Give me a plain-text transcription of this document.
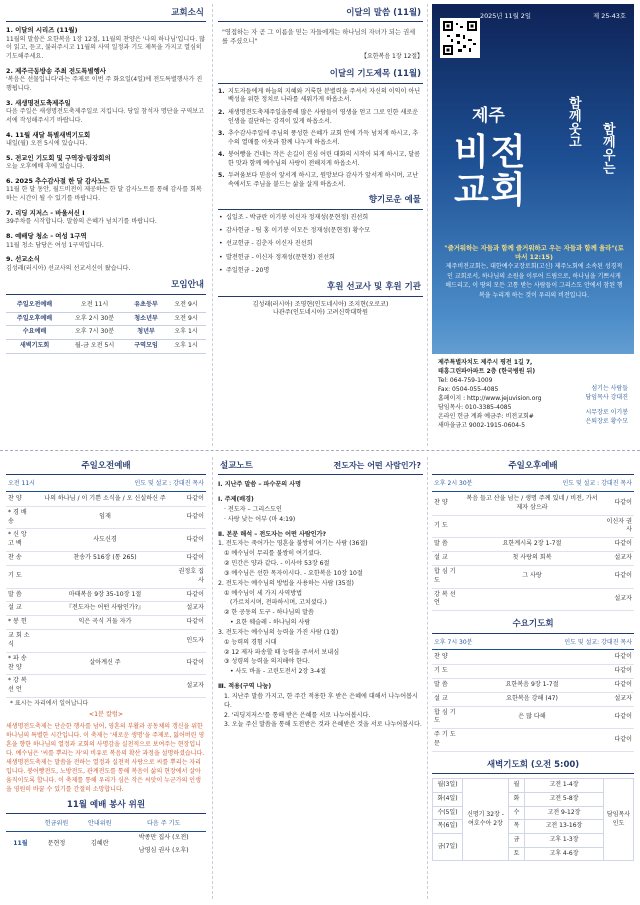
교회소식
1. 이달의 시리즈 (11월)
11월의 말씀은 요한복음 1장 12절, 11월의 찬양은 '나의 하나님'입니다. 많이 읽고, 듣고, 불러주시고 11월의 사역 일정과 기도 제목을 가지고 열심히 기도해주세요.
2. 제주극동방송 주최 전도특별행사
'복음은 선물입니다'라는 주제로 이번 주 화요일(4일)에 전도특별행사가 진행됩니다.
3. 새생명전도축제주일
다음 주일은 새생명전도축제주일로 지킵니다. 당일 참석자 명단을 구역보고서에 작성해주시기 바랍니다.
4. 11월 새달 특별새벽기도회
내일(월) 오전 5시에 있습니다.
5. 전교인 기도회 및 구역장·팀장회의
오늘 오후예배 후에 있습니다.
6. 2025 추수감사절 한 달 감사노트
11월 한 달 동안, 월드비전이 제공하는 한 달 감사노트를 통해 감사를 회복하는 시간이 될 수 있기를 바랍니다.
7. 리딩 지저스 - 바울서신 I
39주차를 시작합니다. 말씀의 은혜가 넘치기를 바랍니다.
8. 예배당 청소 - 여성 1구역
11월 청소 담당은 여성 1구역입니다.
9. 선교소식
김성래(러시아) 선교사의 선교서신이 왔습니다.
모임안내
주일오전예배	오전 11시	유초등부	오전 9시
주일오후예배	오후 2시 30분	청소년부	오전 9시
수요예배	오후 7시 30분	청년부	오후 1시
새벽기도회	월-금 오전 5시	구역모임	오후 1시
이달의 말씀 (11월)
"영접하는 자 곧 그 이름을 믿는 자들에게는 하나님의 자녀가 되는 권세를 주셨으니"
【요한복음 1장 12절】
이달의 기도제목 (11월)
1. 지도자들에게 하늘의 지혜와 거룩한 분별력을 주셔서 자신의 이익이 아닌 백성을 위한 정치로 나라를 세워가게 하옵소서.
2. 새생명전도축제주일을통해 많은 사람들이 영생을 얻고 그로 인한 새로운 인생을 결단하는 감격이 있게 하옵소서.
3. 추수감사주일에 주님의 풍성한 은혜가 교회 안에 가득 넘치게 하시고, 추수의 열매를 이웃과 함께 나누게 하옵소서.
4. 붕어빵을 건네는 작은 손길이 진심 어린 대화의 시작이 되게 하시고, 달콤한 맛과 함께 예수님의 사랑이 전해지게 하옵소서.
5. 두려움보다 믿음이 앞서게 하시고, 원망보다 감사가 앞서게 하시며, 고난속에서도 주님을 붙드는 삶을 살게 하옵소서.
향기로운 예물
• 십일조 - 박금란 이기봉 이신자 정재성(문현정) 진선희
• 감사헌금 - 팀 홍 이기봉 이모든 정재성(문현정) 황수모
• 선교헌금 - 김춘자 이신자 진선희
• 발전헌금 - 이신자 정재성(문현정) 진선희
• 주일헌금 - 20명
후원 선교사 및 후원 기관
김성래(러시아) 조영현(인도네시아) 조지현(오로코)
나관주(인도네시아) 고려신학대학원
2025년 11월 2일	제 25-43호
제주
비전교회
함께웃고 함께우는
"즐거워하는 자들과 함께 즐거워하고 우는 자들과 함께 울라"(로마서 12:15)
제주비전교회는, 대한예수교장로회(고신) 제주노회에 소속된 성경적인 교회로서, 하나님의 소원을 이루어 드림으로, 하나님을 기쁘시게 해드리고, 이 땅의 모든 고통 받는 사람들이 그리스도 안에서 참된 행복을 누리게 하는 것이 우리의 비전입니다.
제주특별자치도 제주시 평전 1길 7,
태흥그린파아파트 2층 (한국병원 뒤)
Tel: 064-759-1009
Fax: 0504-055-4085
홈페이지 : http://www.jejuvision.org
담임목사: 010-3385-4085
온라인 헌금 계좌 예금주: 비전교회#
새마을금고 9002-1915-0604-5
섬기는 사람들
담임목사 강대진
시무장로 이기봉
은퇴장로 황수모
주일오전예배
오전 11시	인도 및 설교 : 강대진 목사
찬양	나의 하나님 / 이 기쁜 소식을 / 오 신실하신 주	다같이
*경배송	임재	다같이
*신앙고백	사도신경	다같이
찬송	찬송가 516장 (통 265)	다같이
기도		권정호 집사
말씀	마태복음 9장 35-10장 1절	다같이
설교	『전도자는 어떤 사람인가?』	설교자
*봉헌	익은 곡식 거둘 자가	다같이
교회소식		인도자
*파송찬양	살아계신 주	다같이
*강복선언		설교자
* 표시는 자리에서 일어납니다
<1분 칼럼>
새생명전도축제는 단순한 행사를 넘어, 영혼의 부활과 공동체의 갱신을 위한 하나님의 특별한 시간입니다. 이 축제는 '새로운 생명'을 주제로, 잃어버린 영혼을 향한 하나님의 열정과 교회의 사명감을 실천적으로 보여주는 현장입니다. 예수님은 '씨를 뿌리는 자'의 비유로 복음의 확산 과정을 설명하셨습니다. 새생명전도축제는 말씀을 전하는 열정과 실천적 사랑으로 씨를 뿌리는 자리입니다. 붕어빵전도, 노방전도, 관계전도를 통해 복음이 삶의 현장에서 살아 움직이도록 합니다. 이 축제를 통해 우리가 심은 작은 씨앗이 누군가의 인생을 영원히 바꿀 수 있기를 간절히 소망합니다.
11월 예배 봉사 위원
	헌금위원	안내위원	다음 주 기도
11월	문현정	김혜란	박종만 집사 (오전)
			남영심 권사 (오후)
설교노트	전도자는 어떤 사람인가?
Ⅰ. 지난주 말씀 – 파수꾼의 사명
Ⅰ. 주제(배경)
· 전도자 – 그리스도인
· 사랑 낮는 어부 (마 4:19)
Ⅱ. 본문 해석 – 전도자는 어떤 사람인가?
1. 전도자는 죽어가는 영혼을 불쌍히 여기는 사람 (36절)
① 예수님이 무리를 불쌍히 여기셨다.
② 민간은 양과 같다. - 이사야 53장 6절
③ 예수님은 선한 목자이시다. - 요한복음 10장 10절
2. 전도자는 예수님의 방법을 사용하는 사람 (35절)
① 예수님이 세 가지 사역방법
(가르치시며, 전파하시며, 고치셨다.)
② 한 공동의 도구 - 하나님의 말씀
• 요한 웨슬레 - 하나님의 사람
3. 전도자는 예수님의 능력을 가진 사람 (1절)
① 능력의 경험 시대
② 12 제자 파송할 때 능력을 주셔서 보내심
③ 성령의 능력을 의지해야 한다.
• 사도 바울 - 고린도전서 2장 3-4절
Ⅲ. 적용(구역 나눔)
1. 지난주 말씀 가지고, 한 주간 적용한 후 받은 은혜에 대해서 나누어봅시다.
2. '리딩지저스'를 통해 받은 은혜를 서로 나누어봅시다.
3. 오늘 주신 말씀을 통해 도전받은 것과 은혜받은 것을 서로 나누어봅시다.
주일오후예배
오후 2시 30분	인도 및 설교 : 강대진 목사
찬양	복음 들고 산을 넘는 / 생명 주께 있네 / 비전, 가서 제자 삼으라	다같이
기도		이신자 권사
말씀	요한계시록 2장 1-7절	다같이
설교	첫 사랑의 회복	설교자
합심기도	그 사랑	다같이
강복선언		설교자
수요기도회
오후 7시 30분	인도 및 설교: 강대진 목사
찬양		다같이
기도		다같이
말씀	요한복음 9장 1-7절	다같이
설교	요한복음 강해 (47)	설교자
합심기도	은 많 다해	다같이
주기도문		다같이
새벽기도회 (오전 5:00)
월(3일)	신명기 32장 - 여호수아 2장	월	고전 1-4장	담임목사 인도
화(4일)		화	고전 5-8장	
수(5일)		수	고전 9-12장	
목(6일)		목	고전 13-16장	
금(7일)		금	고후 1-3장	
		토	고후 4-6장	
